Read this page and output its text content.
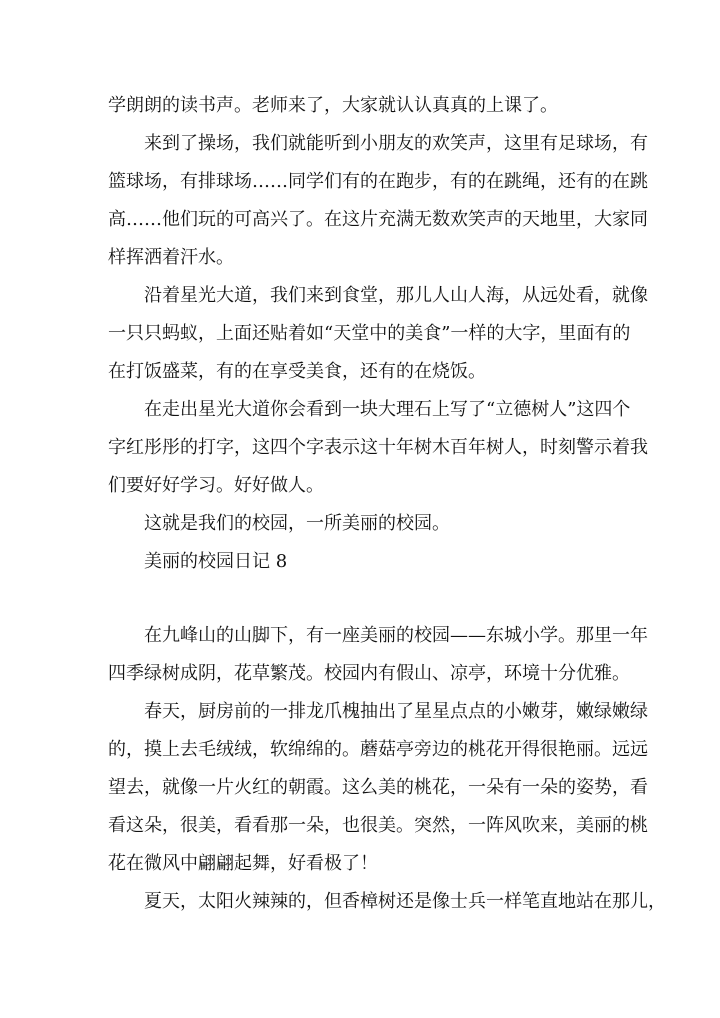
学朗朗的读书声。老师来了，大家就认认真真的上课了。
来到了操场，我们就能听到小朋友的欢笑声，这里有足球场，有
篮球场，有排球场……同学们有的在跑步，有的在跳绳，还有的在跳
高……他们玩的可高兴了。在这片充满无数欢笑声的天地里，大家同
样挥洒着汗水。
沿着星光大道，我们来到食堂，那儿人山人海，从远处看，就像
一只只蚂蚁，上面还贴着如“天堂中的美食”一样的大字，里面有的
在打饭盛菜，有的在享受美食，还有的在烧饭。
在走出星光大道你会看到一块大理石上写了“立德树人”这四个
字红彤彤的打字，这四个字表示这十年树木百年树人，时刻警示着我
们要好好学习。好好做人。
这就是我们的校园，一所美丽的校园。
美丽的校园日记 8
在九峰山的山脚下，有一座美丽的校园——东城小学。那里一年
四季绿树成阴，花草繁茂。校园内有假山、凉亭，环境十分优雅。
春天，厨房前的一排龙爪槐抽出了星星点点的小嫩芽，嫩绿嫩绿
的，摸上去毛绒绒，软绵绵的。蘑菇亭旁边的桃花开得很艳丽。远远
望去，就像一片火红的朝霞。这么美的桃花，一朵有一朵的姿势，看
看这朵，很美，看看那一朵，也很美。突然，一阵风吹来，美丽的桃
花在微风中翩翩起舞，好看极了！
夏天，太阳火辣辣的，但香樟树还是像士兵一样笔直地站在那儿，
